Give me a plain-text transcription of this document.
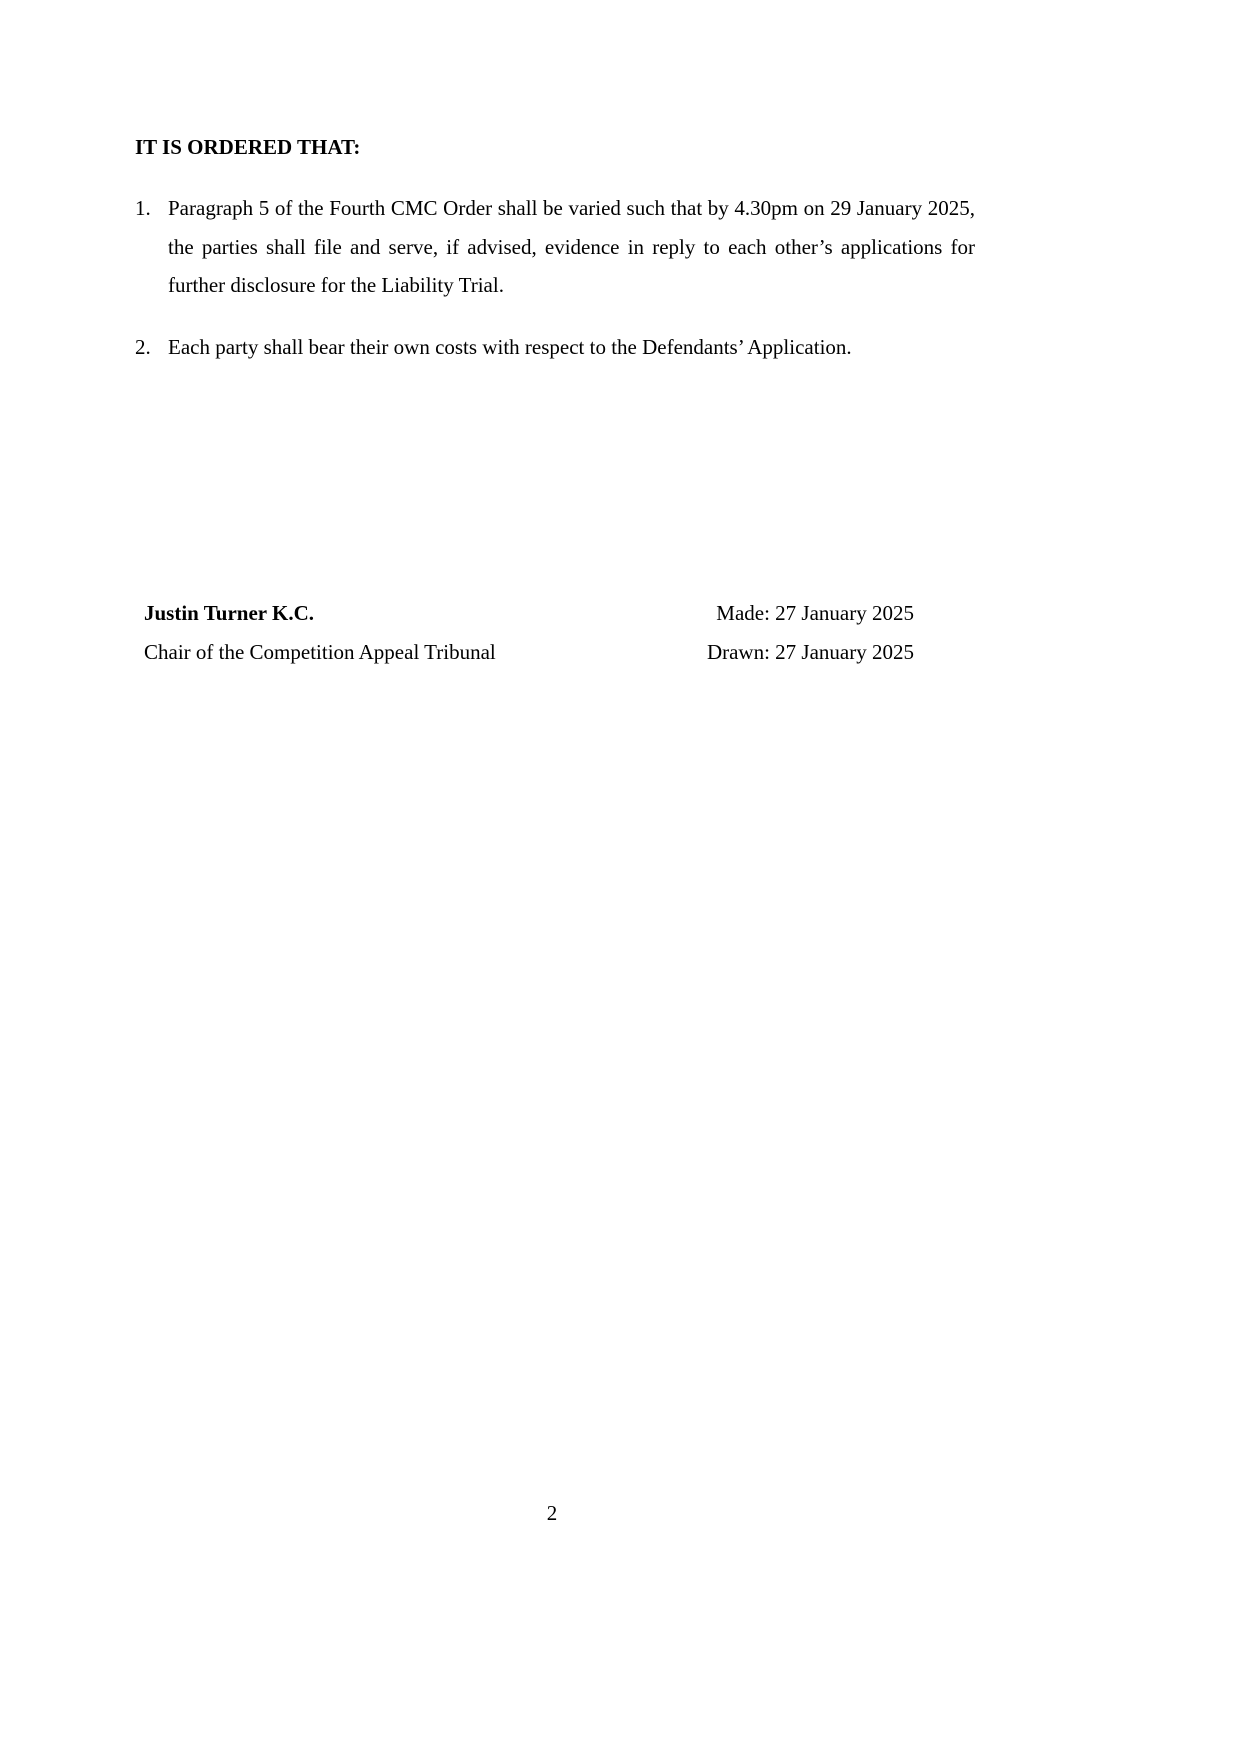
IT IS ORDERED THAT:
1. Paragraph 5 of the Fourth CMC Order shall be varied such that by 4.30pm on 29 January 2025, the parties shall file and serve, if advised, evidence in reply to each other’s applications for further disclosure for the Liability Trial.
2. Each party shall bear their own costs with respect to the Defendants’ Application.
Justin Turner K.C.
Chair of the Competition Appeal Tribunal
Made: 27 January 2025
Drawn: 27 January 2025
2
